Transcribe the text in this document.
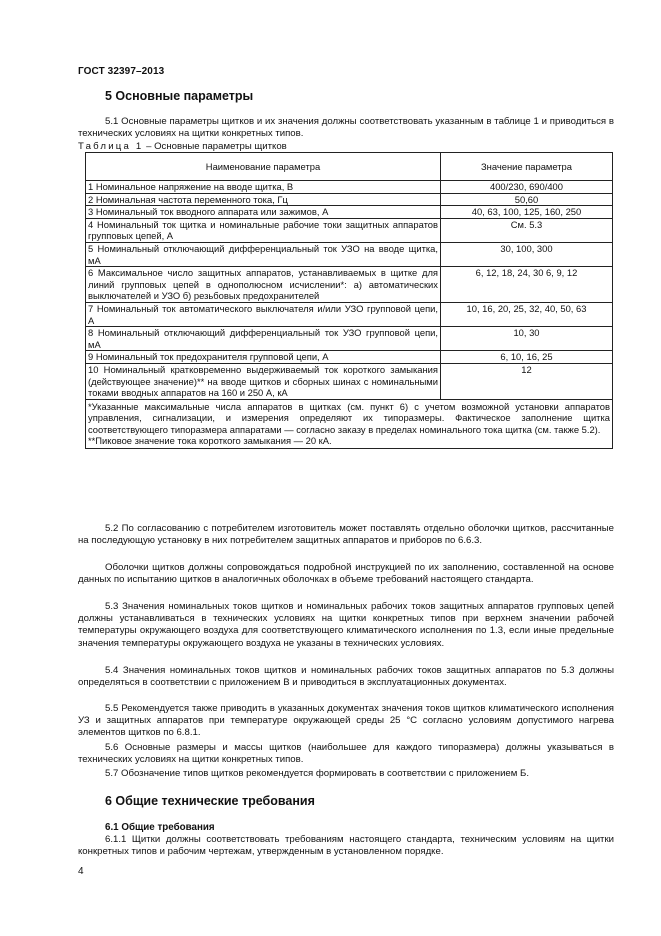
ГОСТ 32397–2013
5 Основные параметры
5.1 Основные параметры щитков и их значения должны соответствовать указанным в таблице 1 и приводиться в технических условиях на щитки конкретных типов.
Таблица 1 – Основные параметры щитков
Наименование параметра	Значение параметра
1 Номинальное напряжение на вводе щитка, В	400/230, 690/400
2 Номинальная частота переменного тока, Гц	50,60
3 Номинальный ток вводного аппарата или зажимов, А	40, 63, 100, 125, 160, 250
4 Номинальный ток щитка и номинальные рабочие токи защитных аппаратов групповых цепей, А	См. 5.3
5 Номинальный отключающий дифференциальный ток УЗО на вводе щитка, мА	30, 100, 300
6 Максимальное число защитных аппаратов, устанавливаемых в щитке для линий групповых цепей в однополюсном исчислении*: а) автоматических выключателей и УЗО б) резьбовых предохранителей	6, 12, 18, 24, 30 6, 9, 12
7 Номинальный ток автоматического выключателя и/или УЗО групповой цепи, А	10, 16, 20, 25, 32, 40, 50, 63
8 Номинальный отключающий дифференциальный ток УЗО групповой цепи, мА	10, 30
9 Номинальный ток предохранителя групповой цепи, А	6, 10, 16, 25
10 Номинальный кратковременно выдерживаемый ток короткого замыкания (действующее значение)** на вводе щитков и сборных шинах с номинальными токами вводных аппаратов на 160 и 250 А, кА	12

*Указанные максимальные числа аппаратов в щитках (см. пункт 6) с учетом возможной установки аппаратов управления, сигнализации, и измерения определяют их типоразмеры. Фактическое заполнение щитка соответствующего типоразмера аппаратами — согласно заказу в пределах номинального тока щитка (см. также 5.2).
**Пиковое значение тока короткого замыкания — 20 кА.	
5.2 По согласованию с потребителем изготовитель может поставлять отдельно оболочки щитков, рассчитанные на последующую установку в них потребителем защитных аппаратов и приборов по 6.6.3.
Оболочки щитков должны сопровождаться подробной инструкцией по их заполнению, составленной на основе данных по испытанию щитков в аналогичных оболочках в объеме требований настоящего стандарта.
5.3 Значения номинальных токов щитков и номинальных рабочих токов защитных аппаратов групповых цепей должны устанавливаться в технических условиях на щитки конкретных типов при верхнем значении рабочей температуры окружающего воздуха для соответствующего климатического исполнения по 1.3, если иные предельные значения температуры окружающего воздуха не указаны в технических условиях.
5.4 Значения номинальных токов щитков и номинальных рабочих токов защитных аппаратов по 5.3 должны определяться в соответствии с приложением В и приводиться в эксплуатационных документах.
5.5 Рекомендуется также приводить в указанных документах значения токов щитков климатического исполнения УЗ и защитных аппаратов при температуре окружающей среды 25 °С согласно условиям допустимого нагрева элементов щитков по 6.8.1.
5.6 Основные размеры и массы щитков (наибольшее для каждого типоразмера) должны указываться в технических условиях на щитки конкретных типов.
5.7 Обозначение типов щитков рекомендуется формировать в соответствии с приложением Б.
6 Общие технические требования
6.1 Общие требования
6.1.1 Щитки должны соответствовать требованиям настоящего стандарта, техническим условиям на щитки конкретных типов и рабочим чертежам, утвержденным в установленном порядке.
4
